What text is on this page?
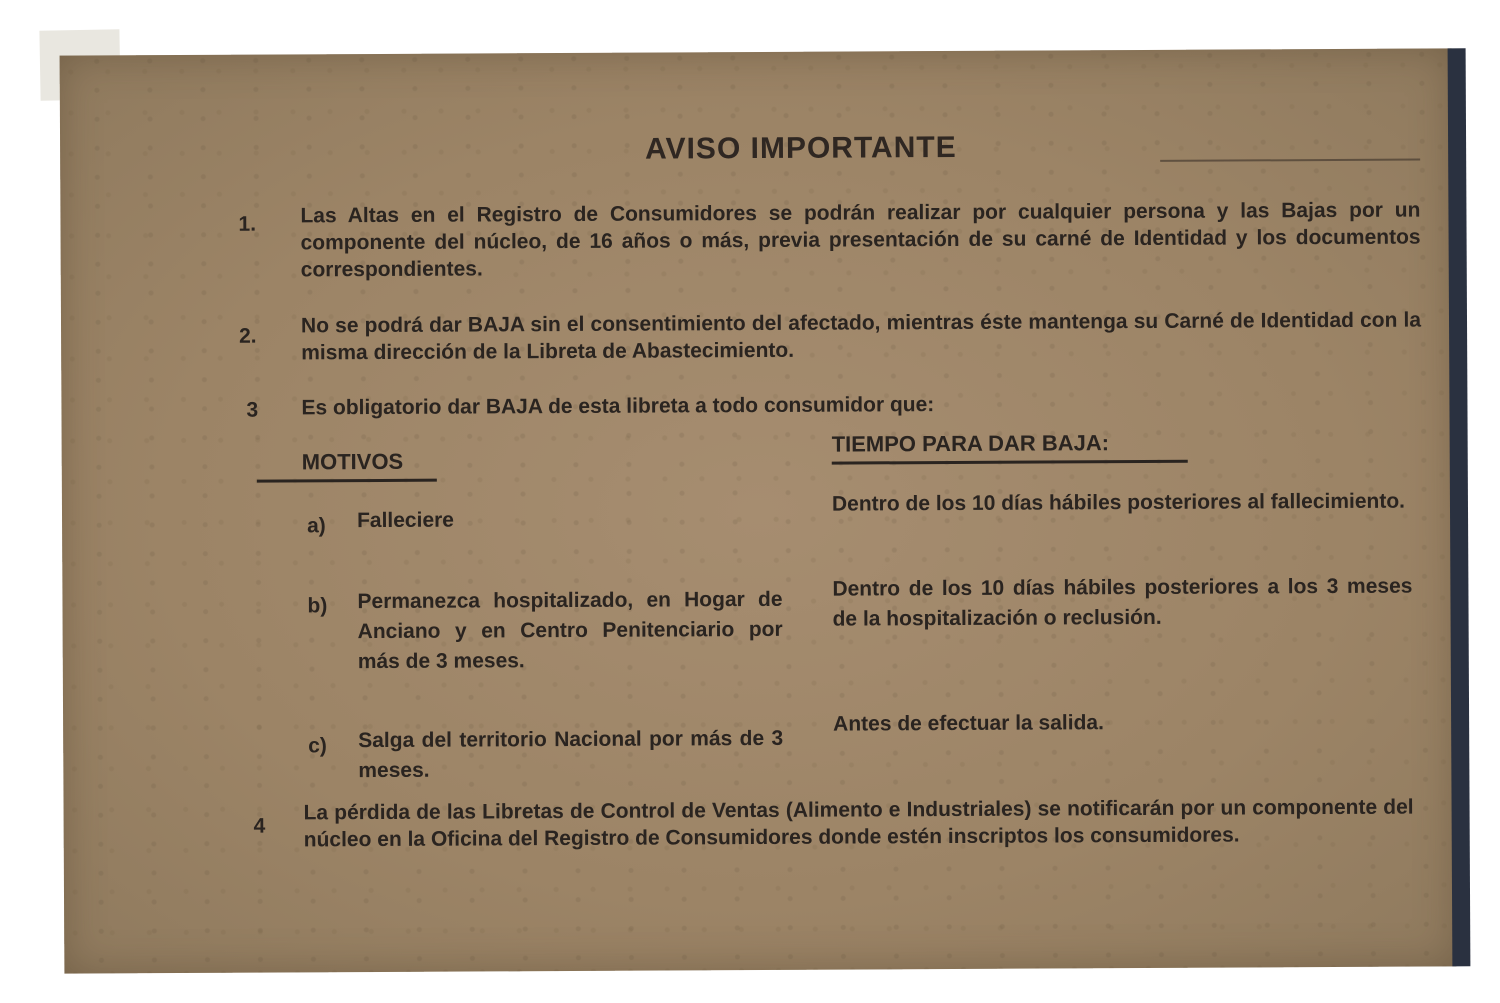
AVISO IMPORTANTE
1. Las Altas en el Registro de Consumidores se podrán realizar por cualquier persona y las Bajas por un componente del núcleo, de 16 años o más, previa presentación de su carné de Identidad y los documentos correspondientes.
2. No se podrá dar BAJA sin el consentimiento del afectado, mientras éste mantenga su Carné de Identidad con la misma dirección de la Libreta de Abastecimiento.
3 Es obligatorio dar BAJA de esta libreta a todo consumidor que:
MOTIVOS
TIEMPO PARA DAR BAJA:
a) Falleciere
Dentro de los 10 días hábiles posteriores al fallecimiento.
b) Permanezca hospitalizado, en Hogar de Anciano y en Centro Penitenciario por más de 3 meses.
Dentro de los 10 días hábiles posteriores a los 3 meses de la hospitalización o reclusión.
c) Salga del territorio Nacional por más de 3 meses.
Antes de efectuar la salida.
4
La pérdida de las Libretas de Control de Ventas (Alimento e Industriales) se notificarán por un componente del núcleo en la Oficina del Registro de Consumidores donde estén inscriptos los consumidores.
